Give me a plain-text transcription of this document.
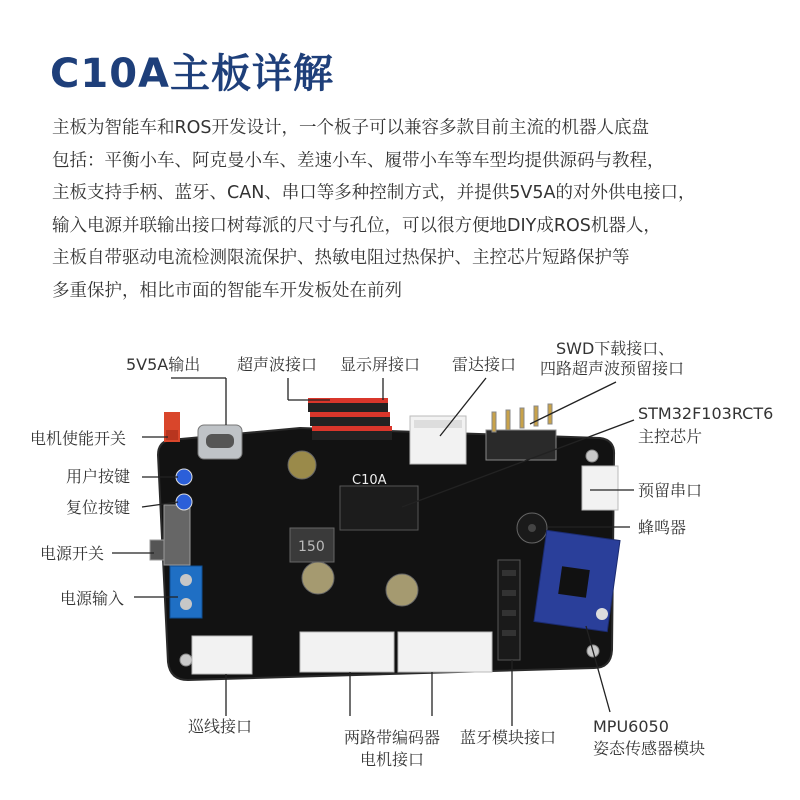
C10A主板详解
主板为智能车和ROS开发设计，一个板子可以兼容多款目前主流的机器人底盘
包括：平衡小车、阿克曼小车、差速小车、履带小车等车型均提供源码与教程，
主板支持手柄、蓝牙、CAN、串口等多种控制方式，并提供5V5A的对外供电接口，
输入电源并联输出接口树莓派的尺寸与孔位，可以很方便地DIY成ROS机器人，
主板自带驱动电流检测限流保护、热敏电阻过热保护、主控芯片短路保护等
多重保护，相比市面的智能车开发板处在前列
C10A
150
5V5A输出 超声波接口 显示屏接口 雷达接口
SWD下载接口、
四路超声波预留接口
STM32F103RCT6
主控芯片
电机使能开关
用户按键
复位按键
电源开关
电源输入
预留串口
蜂鸣器
巡线接口
两路带编码器
电机接口
蓝牙模块接口
MPU6050
姿态传感器模块
